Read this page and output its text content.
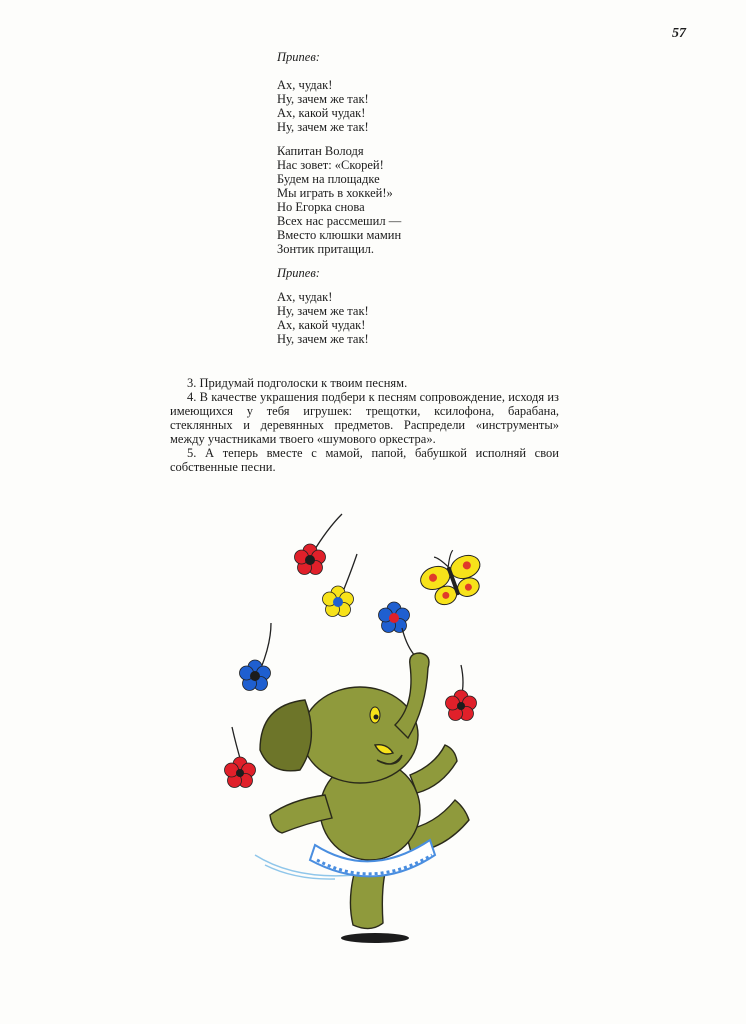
57
Припев:
Ах, чудак!
Ну, зачем же так!
Ах, какой чудак!
Ну, зачем же так!
Капитан Володя
Нас зовет: «Скорей!
Будем на площадке
Мы играть в хоккей!»
Но Егорка снова
Всех нас рассмешил —
Вместо клюшки мамин
Зонтик притащил.
Припев:
Ах, чудак!
Ну, зачем же так!
Ах, какой чудак!
Ну, зачем же так!

3. Придумай подголоски к твоим песням.

4. В качестве украшения подбери к песням сопровождение, исходя из имеющихся у тебя игрушек: трещотки, ксилофона, барабана, стеклянных и деревянных предметов. Распредели «инструменты» между участниками твоего «шумового оркестра».

5. А теперь вместе с мамой, папой, бабушкой исполняй свои собственные песни.
